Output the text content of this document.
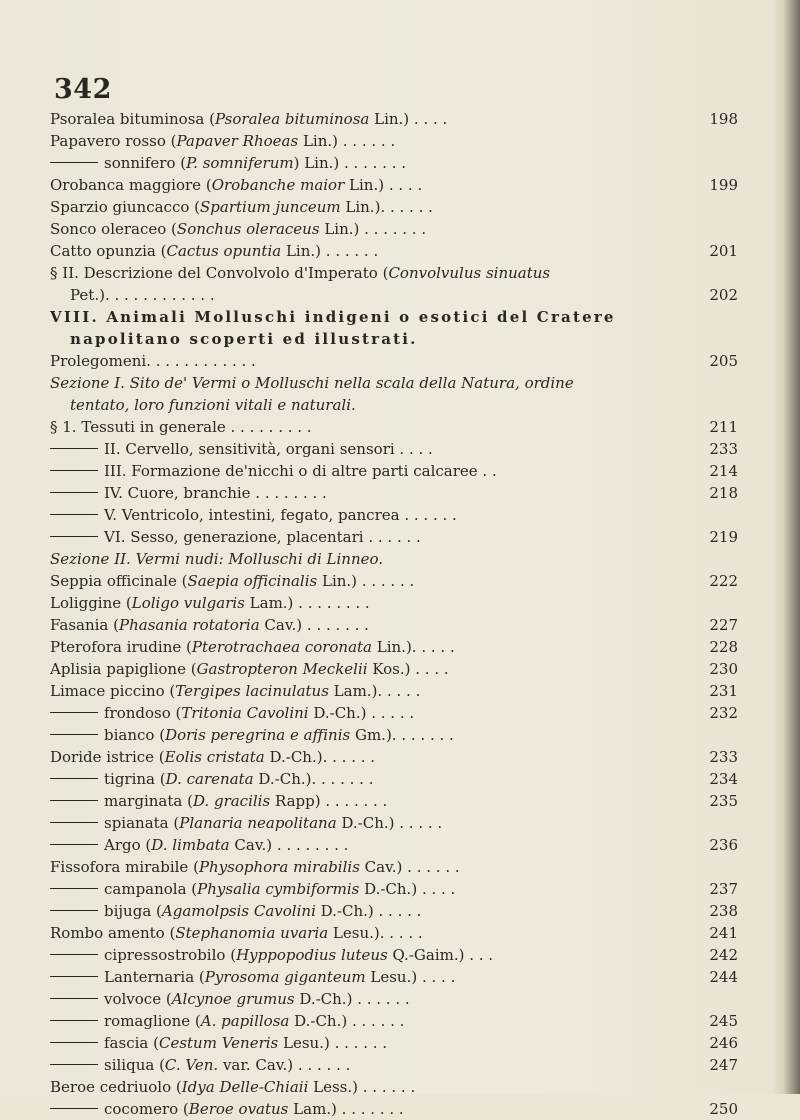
342
Psoralea bituminosa (Psoralea bituminosa Lin.) . . . .	198
Papavero rosso (Papaver Rhoeas Lin.) . . . . . .
sonnifero (P. somniferum) Lin.) . . . . . . .
Orobanca maggiore (Orobanche maior Lin.) . . . .	199
Sparzio giuncacco (Spartium junceum Lin.). . . . . .
Sonco oleraceo (Sonchus oleraceus Lin.) . . . . . . .
Catto opunzia (Cactus opuntia Lin.) . . . . . .	201
§ II. Descrizione del Convolvolo d'Imperato (Convolvulus sinuatus
Pet.). . . . . . . . . . . .	202
VIII. Animali Molluschi indigeni o esotici del Cratere
napolitano scoperti ed illustrati.
Prolegomeni. . . . . . . . . . . .	205
Sezione I. Sito de' Vermi o Molluschi nella scala della Natura, ordine
tentato, loro funzioni vitali e naturali.
§ 1. Tessuti in generale . . . . . . . . .	211
II. Cervello, sensitività, organi sensori . . . .	233
III. Formazione de'nicchi o di altre parti calcaree . .	214
IV. Cuore, branchie . . . . . . . .	218
V. Ventricolo, intestini, fegato, pancrea . . . . . .
VI. Sesso, generazione, placentari . . . . . .	219
Sezione II. Vermi nudi: Molluschi di Linneo.
Seppia officinale (Saepia officinalis Lin.) . . . . . .	222
Loliggine (Loligo vulgaris Lam.) . . . . . . . .
Fasania (Phasania rotatoria Cav.) . . . . . . .	227
Pterofora irudine (Pterotrachaea coronata Lin.). . . . .	228
Aplisia papiglione (Gastropteron Meckelii Kos.) . . . .	230
Limace piccino (Tergipes lacinulatus Lam.). . . . .	231
frondoso (Tritonia Cavolini D.-Ch.) . . . . .	232
bianco (Doris peregrina e affinis Gm.). . . . . . .
Doride istrice (Eolis cristata D.-Ch.). . . . . .	233
tigrina (D. carenata D.-Ch.). . . . . . .	234
marginata (D. gracilis Rapp) . . . . . . .	235
spianata (Planaria neapolitana D.-Ch.) . . . . .
Argo (D. limbata Cav.) . . . . . . . .	236
Fissofora mirabile (Physophora mirabilis Cav.) . . . . . .
campanola (Physalia cymbiformis D.-Ch.) . . . .	237
bijuga (Agamolpsis Cavolini D.-Ch.) . . . . .	238
Rombo amento (Stephanomia uvaria Lesu.). . . . .	241
cipressostrobilo (Hyppopodius luteus Q.-Gaim.) . . .	242
Lanternaria (Pyrosoma giganteum Lesu.) . . . .	244
volvoce (Alcynoe grumus D.-Ch.) . . . . . .
romaglione (A. papillosa D.-Ch.) . . . . . .	245
fascia (Cestum Veneris Lesu.) . . . . . .	246
siliqua (C. Ven. var. Cav.) . . . . . .	247
Beroe cedriuolo (Idya Delle-Chiaii Less.) . . . . . .
cocomero (Beroe ovatus Lam.) . . . . . . .	250
